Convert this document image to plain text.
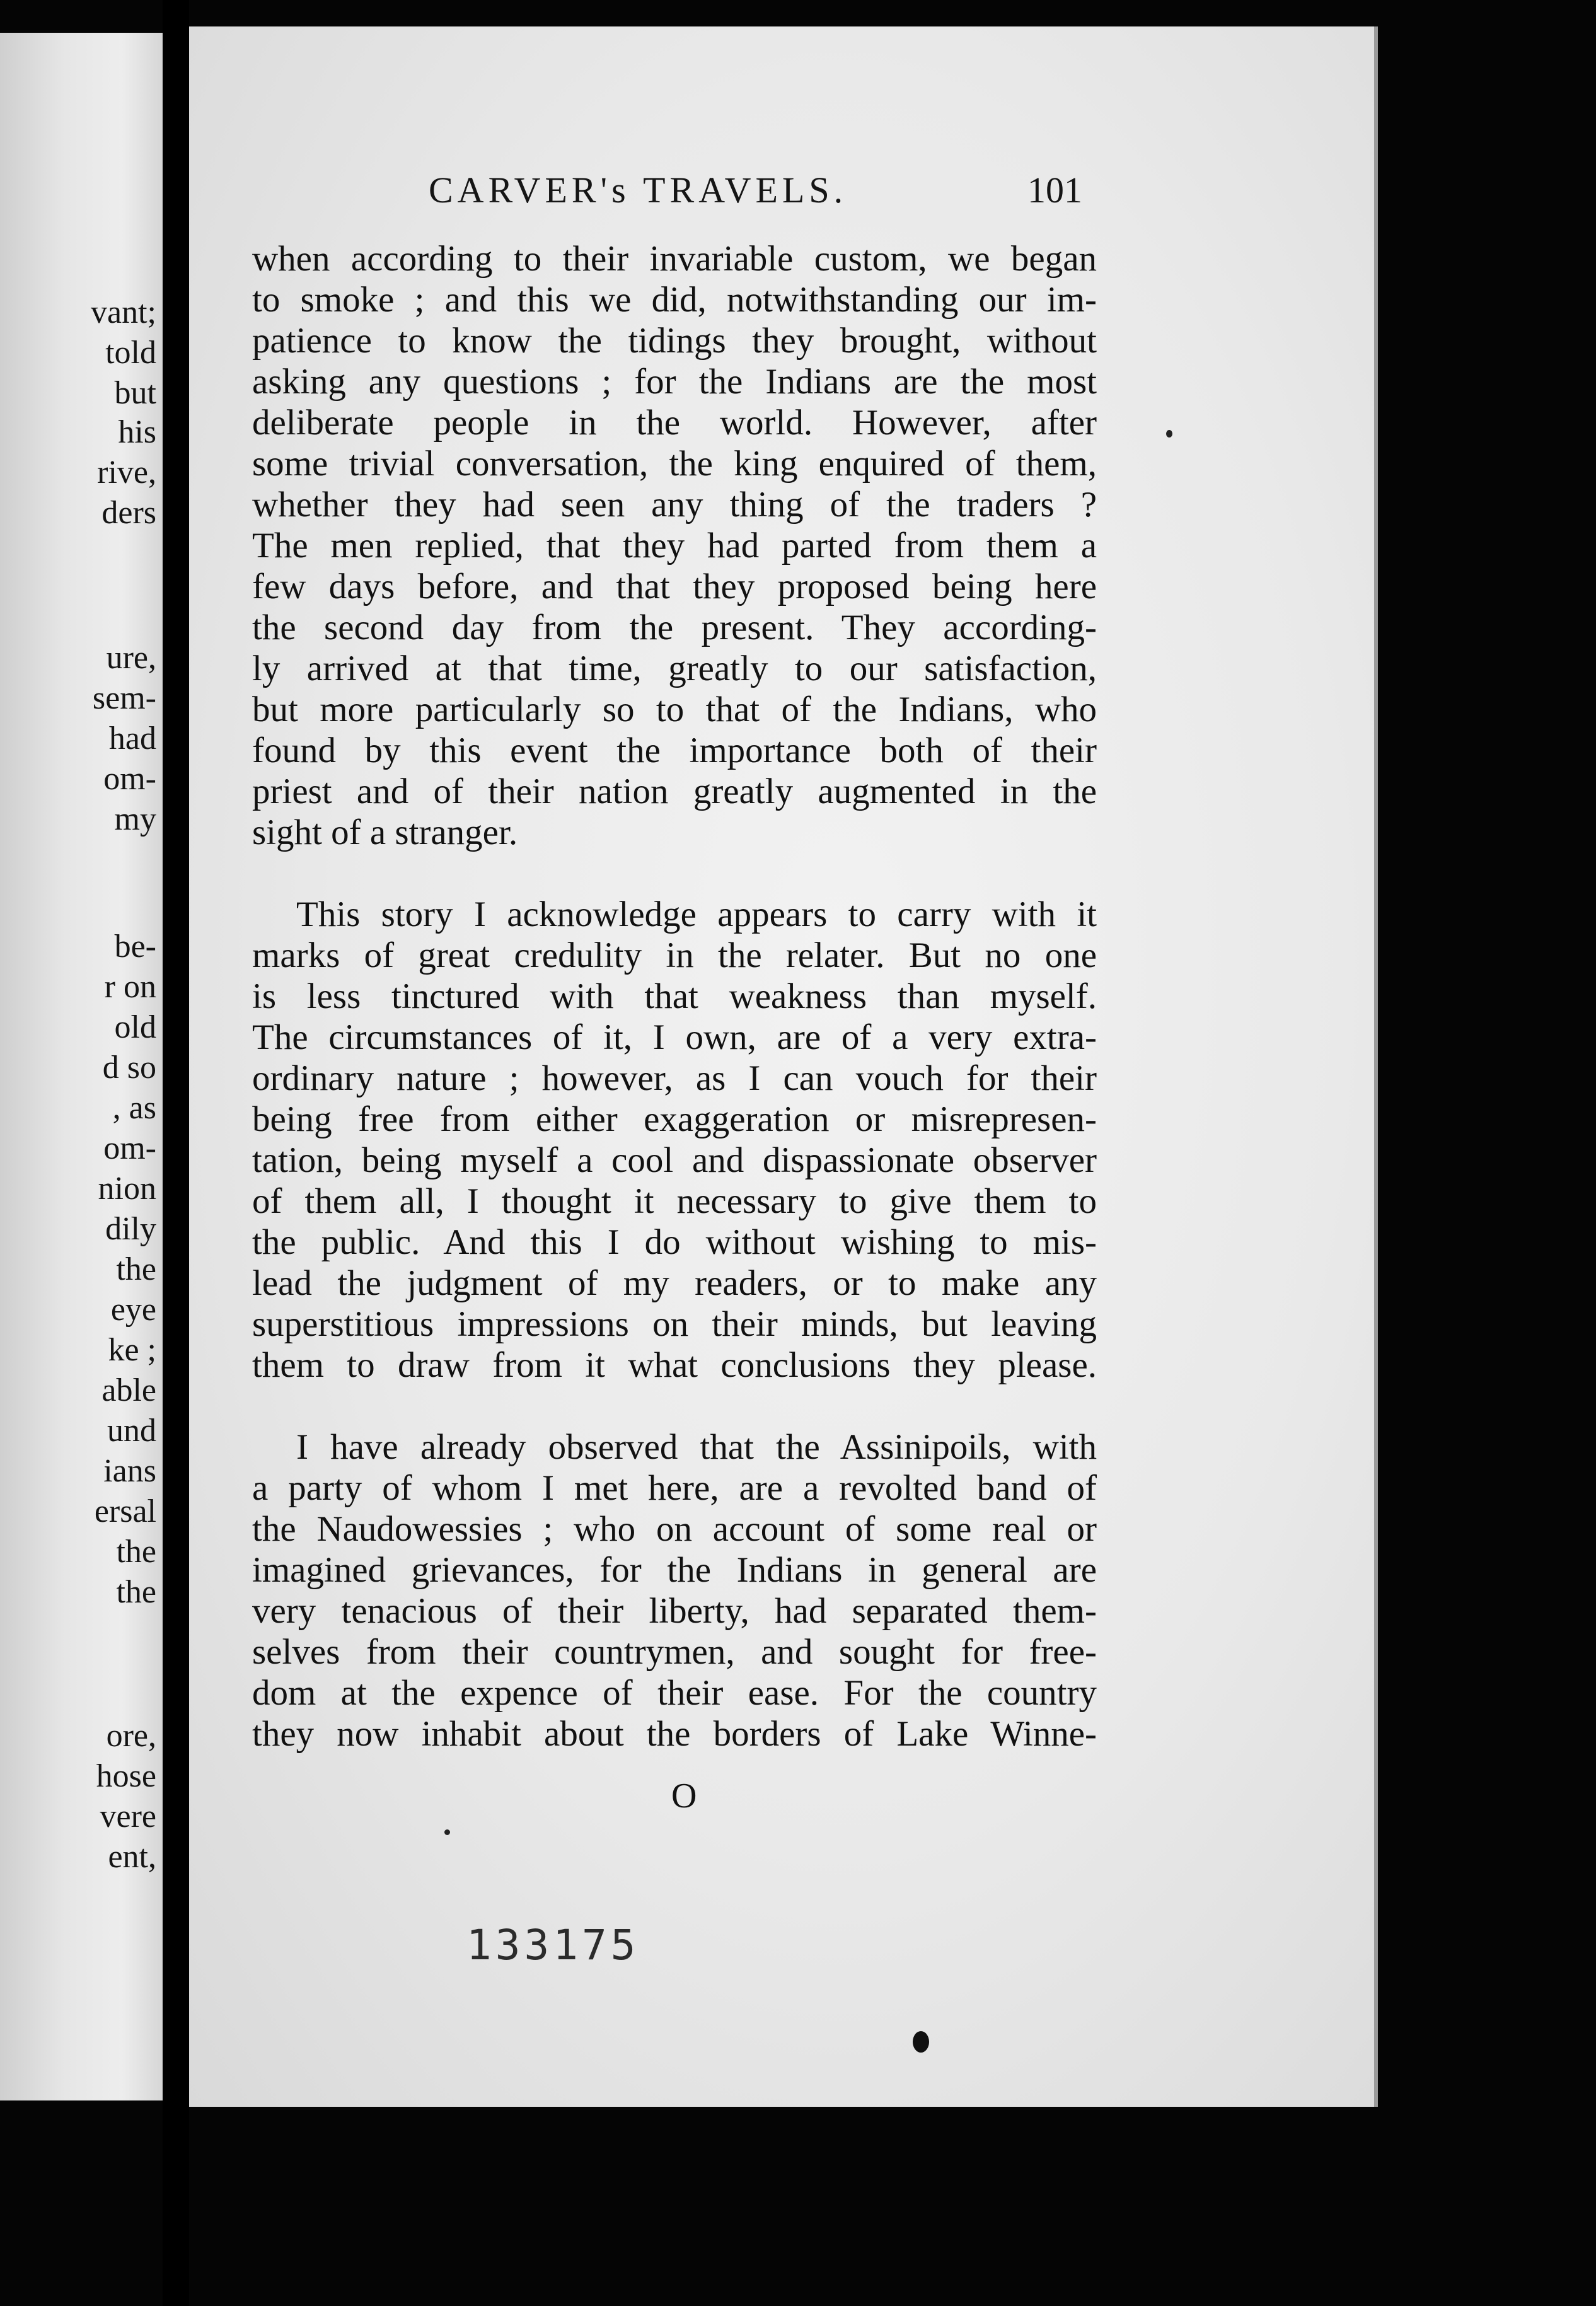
vant;
told
but
his
rive,
ders
ure,
sem-
had
om-
my
be-
r on
old
d so
, as
om-
nion
dily
the
eye
ke ;
able
und
ians
ersal
the
the
ore,
hose
vere
ent,
CARVER's TRAVELS.	101
when according to their invariable custom, we began
to smoke ; and this we did, notwithstanding our im-
patience to know the tidings they brought, without
asking any questions ; for the Indians are the most
deliberate people in the world. However, after
some trivial conversation, the king enquired of them,
whether they had seen any thing of the traders ?
The men replied, that they had parted from them a
few days before, and that they proposed being here
the second day from the present. They according-
ly arrived at that time, greatly to our satisfaction,
but more particularly so to that of the Indians, who
found by this event the importance both of their
priest and of their nation greatly augmented in the
sight of a stranger.
This story I acknowledge appears to carry with it
marks of great credulity in the relater. But no one
is less tinctured with that weakness than myself.
The circumstances of it, I own, are of a very extra-
ordinary nature ; however, as I can vouch for their
being free from either exaggeration or misrepresen-
tation, being myself a cool and dispassionate observer
of them all, I thought it necessary to give them to
the public. And this I do without wishing to mis-
lead the judgment of my readers, or to make any
superstitious impressions on their minds, but leaving
them to draw from it what conclusions they please.
I have already observed that the Assinipoils, with
a party of whom I met here, are a revolted band of
the Naudowessies ; who on account of some real or
imagined grievances, for the Indians in general are
very tenacious of their liberty, had separated them-
selves from their countrymen, and sought for free-
dom at the expence of their ease. For the country
they now inhabit about the borders of Lake Winne-
O
133175
